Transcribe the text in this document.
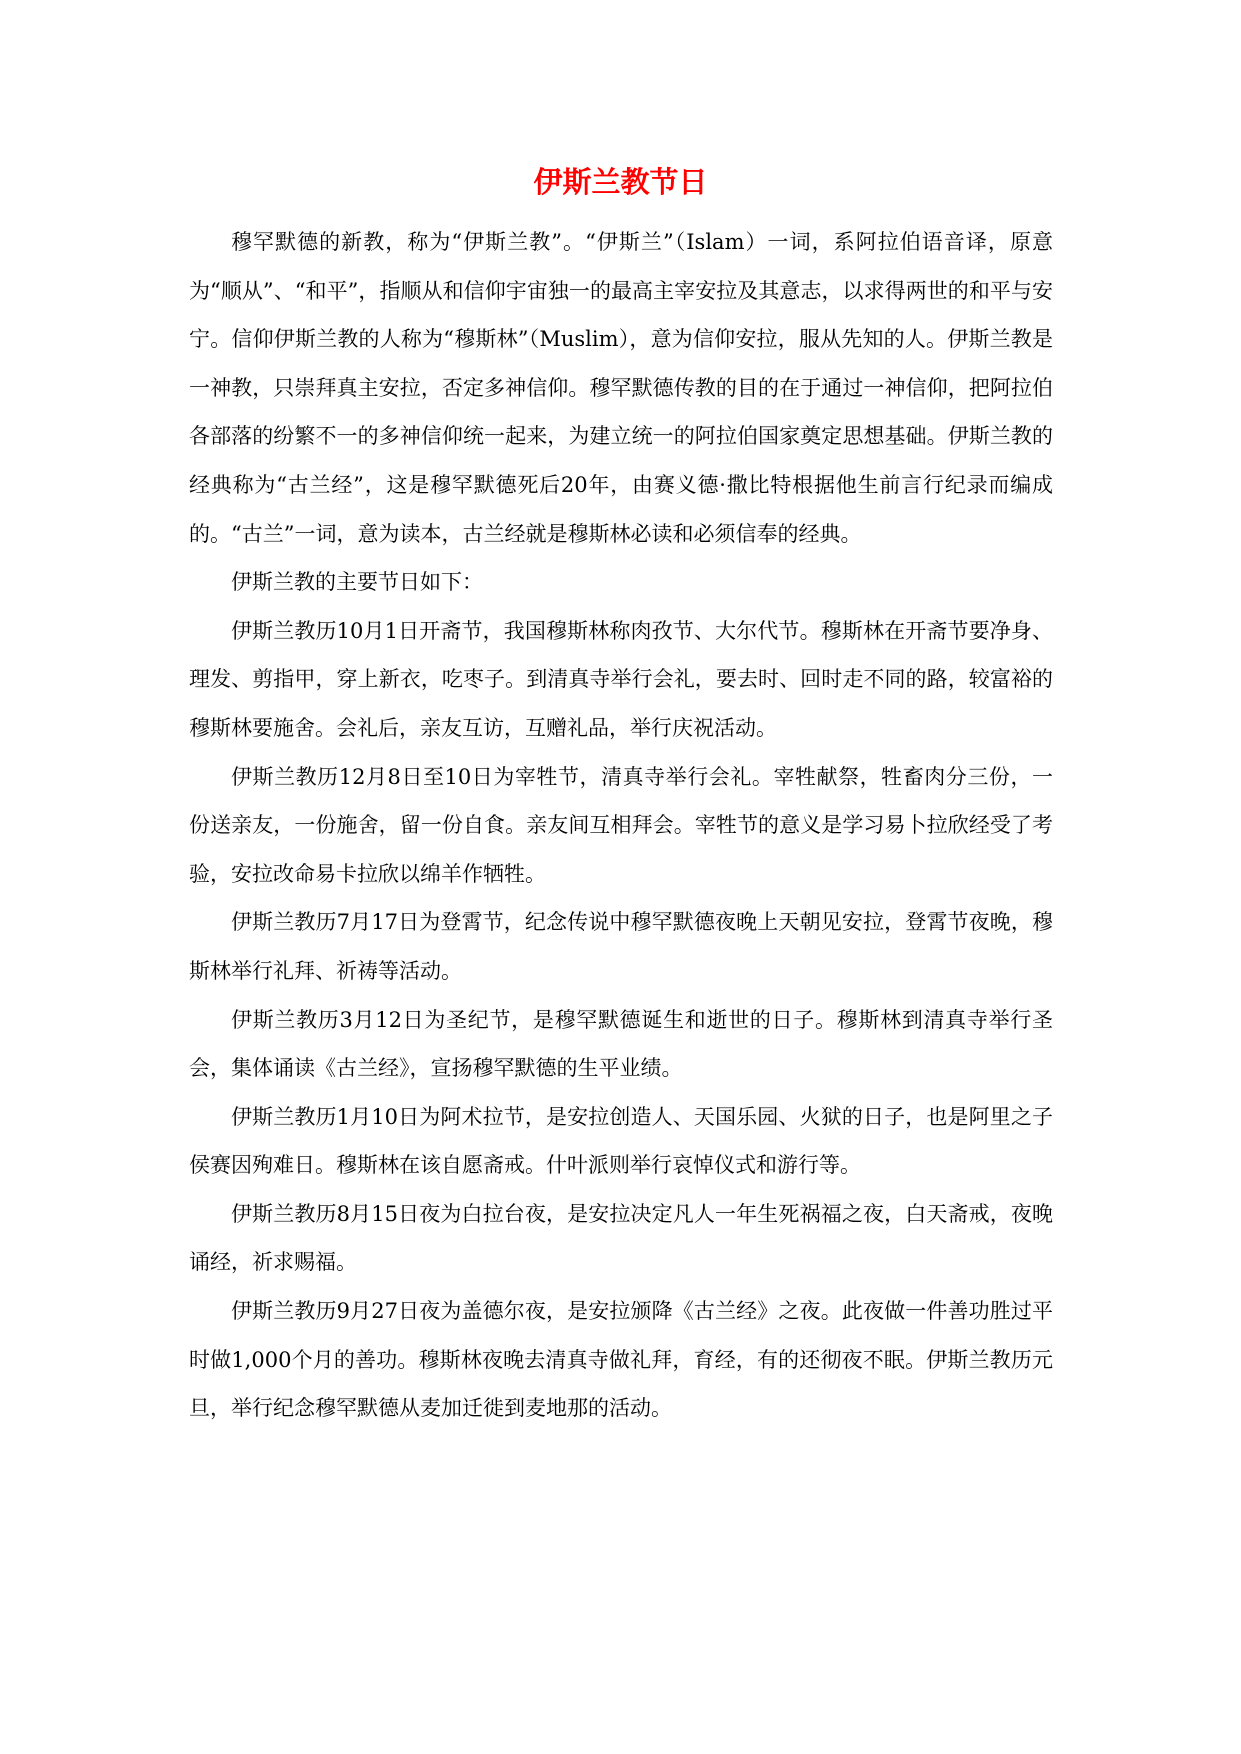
伊斯兰教节日

穆罕默德的新教，称为“伊斯兰教”。“伊斯兰”（Islam）一词，系阿拉伯语音译，原意为“顺从”、“和平”，指顺从和信仰宇宙独一的最高主宰安拉及其意志，以求得两世的和平与安宁。信仰伊斯兰教的人称为“穆斯林”（Muslim），意为信仰安拉，服从先知的人。伊斯兰教是一神教，只崇拜真主安拉，否定多神信仰。穆罕默德传教的目的在于通过一神信仰，把阿拉伯各部落的纷繁不一的多神信仰统一起来，为建立统一的阿拉伯国家奠定思想基础。伊斯兰教的经典称为“古兰经”，这是穆罕默德死后20年，由赛义德·撒比特根据他生前言行纪录而编成的。“古兰”一词，意为读本，古兰经就是穆斯林必读和必须信奉的经典。

伊斯兰教的主要节日如下：

伊斯兰教历10月1日开斋节，我国穆斯林称肉孜节、大尔代节。穆斯林在开斋节要净身、理发、剪指甲，穿上新衣，吃枣子。到清真寺举行会礼，要去时、回时走不同的路，较富裕的穆斯林要施舍。会礼后，亲友互访，互赠礼品，举行庆祝活动。

伊斯兰教历12月8日至10日为宰牲节，清真寺举行会礼。宰牲献祭，牲畜肉分三份，一份送亲友，一份施舍，留一份自食。亲友间互相拜会。宰牲节的意义是学习易卜拉欣经受了考验，安拉改命易卡拉欣以绵羊作牺牲。

伊斯兰教历7月17日为登霄节，纪念传说中穆罕默德夜晚上天朝见安拉，登霄节夜晚，穆斯林举行礼拜、祈祷等活动。

伊斯兰教历3月12日为圣纪节，是穆罕默德诞生和逝世的日子。穆斯林到清真寺举行圣会，集体诵读《古兰经》，宣扬穆罕默德的生平业绩。

伊斯兰教历1月10日为阿术拉节，是安拉创造人、天国乐园、火狱的日子，也是阿里之子侯赛因殉难日。穆斯林在该自愿斋戒。什叶派则举行哀悼仪式和游行等。

伊斯兰教历8月15日夜为白拉台夜，是安拉决定凡人一年生死祸福之夜，白天斋戒，夜晚诵经，祈求赐福。

伊斯兰教历9月27日夜为盖德尔夜，是安拉颁降《古兰经》之夜。此夜做一件善功胜过平时做1,000个月的善功。穆斯林夜晚去清真寺做礼拜，育经，有的还彻夜不眠。伊斯兰教历元旦，举行纪念穆罕默德从麦加迁徙到麦地那的活动。
